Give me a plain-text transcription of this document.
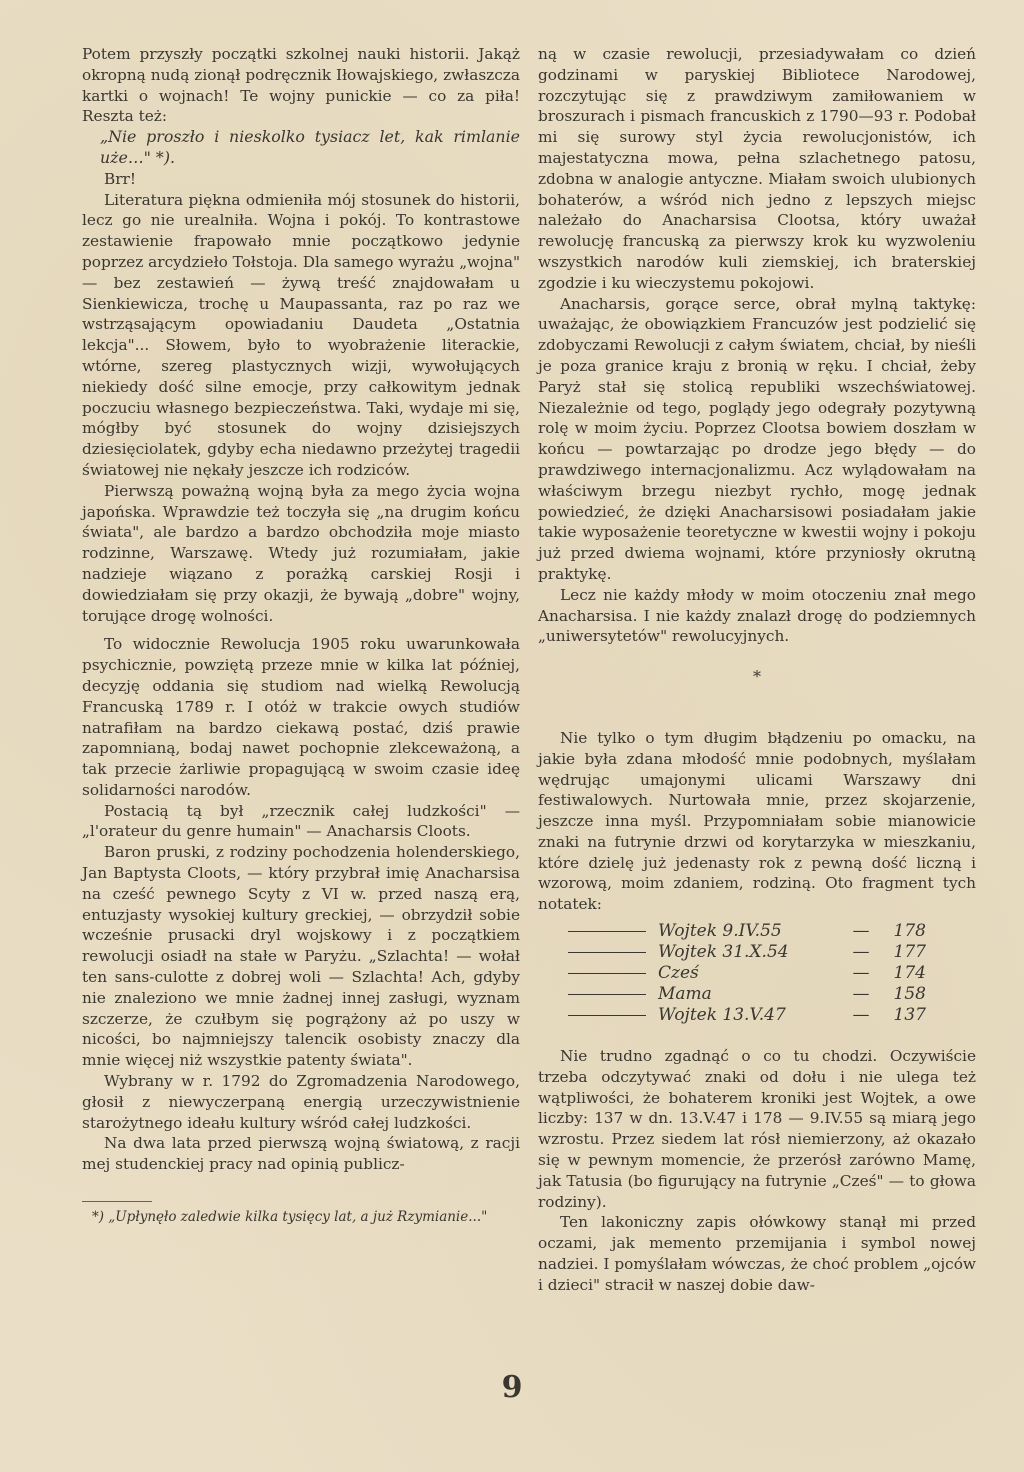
Potem przyszły początki szkolnej nauki historii. Jakąż okropną nudą zionął podręcznik Iłowajskiego, zwłaszcza kartki o wojnach! Te wojny punickie — co za piła! Reszta też:

„Nie proszło i nieskolko tysiacz let, kak rimlanie uże…" *).

Brr!

Literatura piękna odmieniła mój stosunek do historii, lecz go nie urealniła. Wojna i pokój. To kontrastowe zestawienie frapowało mnie początkowo jedynie poprzez arcydzieło Tołstoja. Dla samego wyrażu „wojna" — bez zestawień — żywą treść znajdowałam u Sienkiewicza, trochę u Maupassanta, raz po raz we wstrząsającym opowiadaniu Daudeta „Ostatnia lekcja"... Słowem, było to wyobrażenie literackie, wtórne, szereg plastycznych wizji, wywołujących niekiedy dość silne emocje, przy całkowitym jednak poczuciu własnego bezpieczeństwa. Taki, wydaje mi się, mógłby być stosunek do wojny dzisiejszych dziesięciolatek, gdyby echa niedawno przeżytej tragedii światowej nie nękały jeszcze ich rodziców.

Pierwszą poważną wojną była za mego życia wojna japońska. Wprawdzie też toczyła się „na drugim końcu świata", ale bardzo a bardzo obchodziła moje miasto rodzinne, Warszawę. Wtedy już rozumiałam, jakie nadzieje wiązano z porażką carskiej Rosji i dowiedziałam się przy okazji, że bywają „dobre" wojny, torujące drogę wolności.

To widocznie Rewolucja 1905 roku uwarunkowała psychicznie, powziętą przeze mnie w kilka lat później, decyzję oddania się studiom nad wielką Rewolucją Francuską 1789 r. I otóż w trakcie owych studiów natrafiłam na bardzo ciekawą postać, dziś prawie zapomnianą, bodaj nawet pochopnie zlekceważoną, a tak przecie żarliwie propagującą w swoim czasie ideę solidarności narodów.

Postacią tą był „rzecznik całej ludzkości" — „l'orateur du genre humain" — Anacharsis Cloots.

Baron pruski, z rodziny pochodzenia holenderskiego, Jan Baptysta Cloots, — który przybrał imię Anacharsisa na cześć pewnego Scyty z VI w. przed naszą erą, entuzjasty wysokiej kultury greckiej, — obrzydził sobie wcześnie prusacki dryl wojskowy i z początkiem rewolucji osiadł na stałe w Paryżu. „Szlachta! — wołał ten sans-culotte z dobrej woli — Szlachta! Ach, gdyby nie znaleziono we mnie żadnej innej zasługi, wyznam szczerze, że czułbym się pogrążony aż po uszy w nicości, bo najmniejszy talencik osobisty znaczy dla mnie więcej niż wszystkie patenty świata".

Wybrany w r. 1792 do Zgromadzenia Narodowego, głosił z niewyczerpaną energią urzeczywistnienie starożytnego ideału kultury wśród całej ludzkości.

Na dwa lata przed pierwszą wojną światową, z racji mej studenckiej pracy nad opinią publicz-

*) „Upłynęło zaledwie kilka tysięcy lat, a już Rzymianie..."

ną w czasie rewolucji, przesiadywałam co dzień godzinami w paryskiej Bibliotece Narodowej, rozczytując się z prawdziwym zamiłowaniem w broszurach i pismach francuskich z 1790—93 r. Podobał mi się surowy styl życia rewolucjonistów, ich majestatyczna mowa, pełna szlachetnego patosu, zdobna w analogie antyczne. Miałam swoich ulubionych bohaterów, a wśród nich jedno z lepszych miejsc należało do Anacharsisa Clootsa, który uważał rewolucję francuską za pierwszy krok ku wyzwoleniu wszystkich narodów kuli ziemskiej, ich braterskiej zgodzie i ku wieczystemu pokojowi.

Anacharsis, gorące serce, obrał mylną taktykę: uważając, że obowiązkiem Francuzów jest podzielić się zdobyczami Rewolucji z całym światem, chciał, by nieśli je poza granice kraju z bronią w ręku. I chciał, żeby Paryż stał się stolicą republiki wszechświatowej. Niezależnie od tego, poglądy jego odegrały pozytywną rolę w moim życiu. Poprzez Clootsa bowiem doszłam w końcu — powtarzając po drodze jego błędy — do prawdziwego internacjonalizmu. Acz wylądowałam na właściwym brzegu niezbyt rychło, mogę jednak powiedzieć, że dzięki Anacharsisowi posiadałam jakie takie wyposażenie teoretyczne w kwestii wojny i pokoju już przed dwiema wojnami, które przyniosły okrutną praktykę.

Lecz nie każdy młody w moim otoczeniu znał mego Anacharsisa. I nie każdy znalazł drogę do podziemnych „uniwersytetów" rewolucyjnych.

*

Nie tylko o tym długim błądzeniu po omacku, na jakie była zdana młodość mnie podobnych, myślałam wędrując umajonymi ulicami Warszawy dni festiwalowych. Nurtowała mnie, przez skojarzenie, jeszcze inna myśl. Przypomniałam sobie mianowicie znaki na futrynie drzwi od korytarzyka w mieszkaniu, które dzielę już jedenasty rok z pewną dość liczną i wzorową, moim zdaniem, rodziną. Oto fragment tych notatek:

Wojtek 9.IV.55	—	178
Wojtek 31.X.54	—	177
Cześ	—	174
Mama	—	158
Wojtek 13.V.47	—	137

Nie trudno zgadnąć o co tu chodzi. Oczywiście trzeba odczytywać znaki od dołu i nie ulega też wątpliwości, że bohaterem kroniki jest Wojtek, a owe liczby: 137 w dn. 13.V.47 i 178 — 9.IV.55 są miarą jego wzrostu. Przez siedem lat rósł niemierzony, aż okazało się w pewnym momencie, że przerósł zarówno Mamę, jak Tatusia (bo figurujący na futrynie „Cześ" — to głowa rodziny).

Ten lakoniczny zapis ołówkowy stanął mi przed oczami, jak memento przemijania i symbol nowej nadziei. I pomyślałam wówczas, że choć problem „ojców i dzieci" stracił w naszej dobie daw-

9
